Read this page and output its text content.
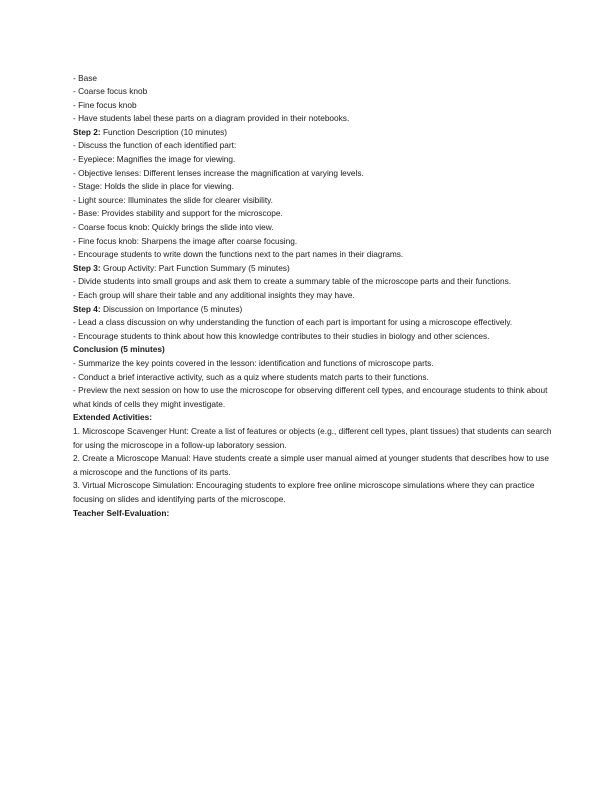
- Base
- Coarse focus knob
- Fine focus knob
- Have students label these parts on a diagram provided in their notebooks.
Step 2: Function Description (10 minutes)
- Discuss the function of each identified part:
- Eyepiece: Magnifies the image for viewing.
- Objective lenses: Different lenses increase the magnification at varying levels.
- Stage: Holds the slide in place for viewing.
- Light source: Illuminates the slide for clearer visibility.
- Base: Provides stability and support for the microscope.
- Coarse focus knob: Quickly brings the slide into view.
- Fine focus knob: Sharpens the image after coarse focusing.
- Encourage students to write down the functions next to the part names in their diagrams.
Step 3: Group Activity: Part Function Summary (5 minutes)
- Divide students into small groups and ask them to create a summary table of the microscope parts and their functions.
- Each group will share their table and any additional insights they may have.
Step 4: Discussion on Importance (5 minutes)
- Lead a class discussion on why understanding the function of each part is important for using a microscope effectively.
- Encourage students to think about how this knowledge contributes to their studies in biology and other sciences.
Conclusion (5 minutes)
- Summarize the key points covered in the lesson: identification and functions of microscope parts.
- Conduct a brief interactive activity, such as a quiz where students match parts to their functions.
- Preview the next session on how to use the microscope for observing different cell types, and encourage students to think about what kinds of cells they might investigate.
Extended Activities:
1. Microscope Scavenger Hunt: Create a list of features or objects (e.g., different cell types, plant tissues) that students can search for using the microscope in a follow-up laboratory session.
2. Create a Microscope Manual: Have students create a simple user manual aimed at younger students that describes how to use a microscope and the functions of its parts.
3. Virtual Microscope Simulation: Encouraging students to explore free online microscope simulations where they can practice focusing on slides and identifying parts of the microscope.
Teacher Self-Evaluation:
